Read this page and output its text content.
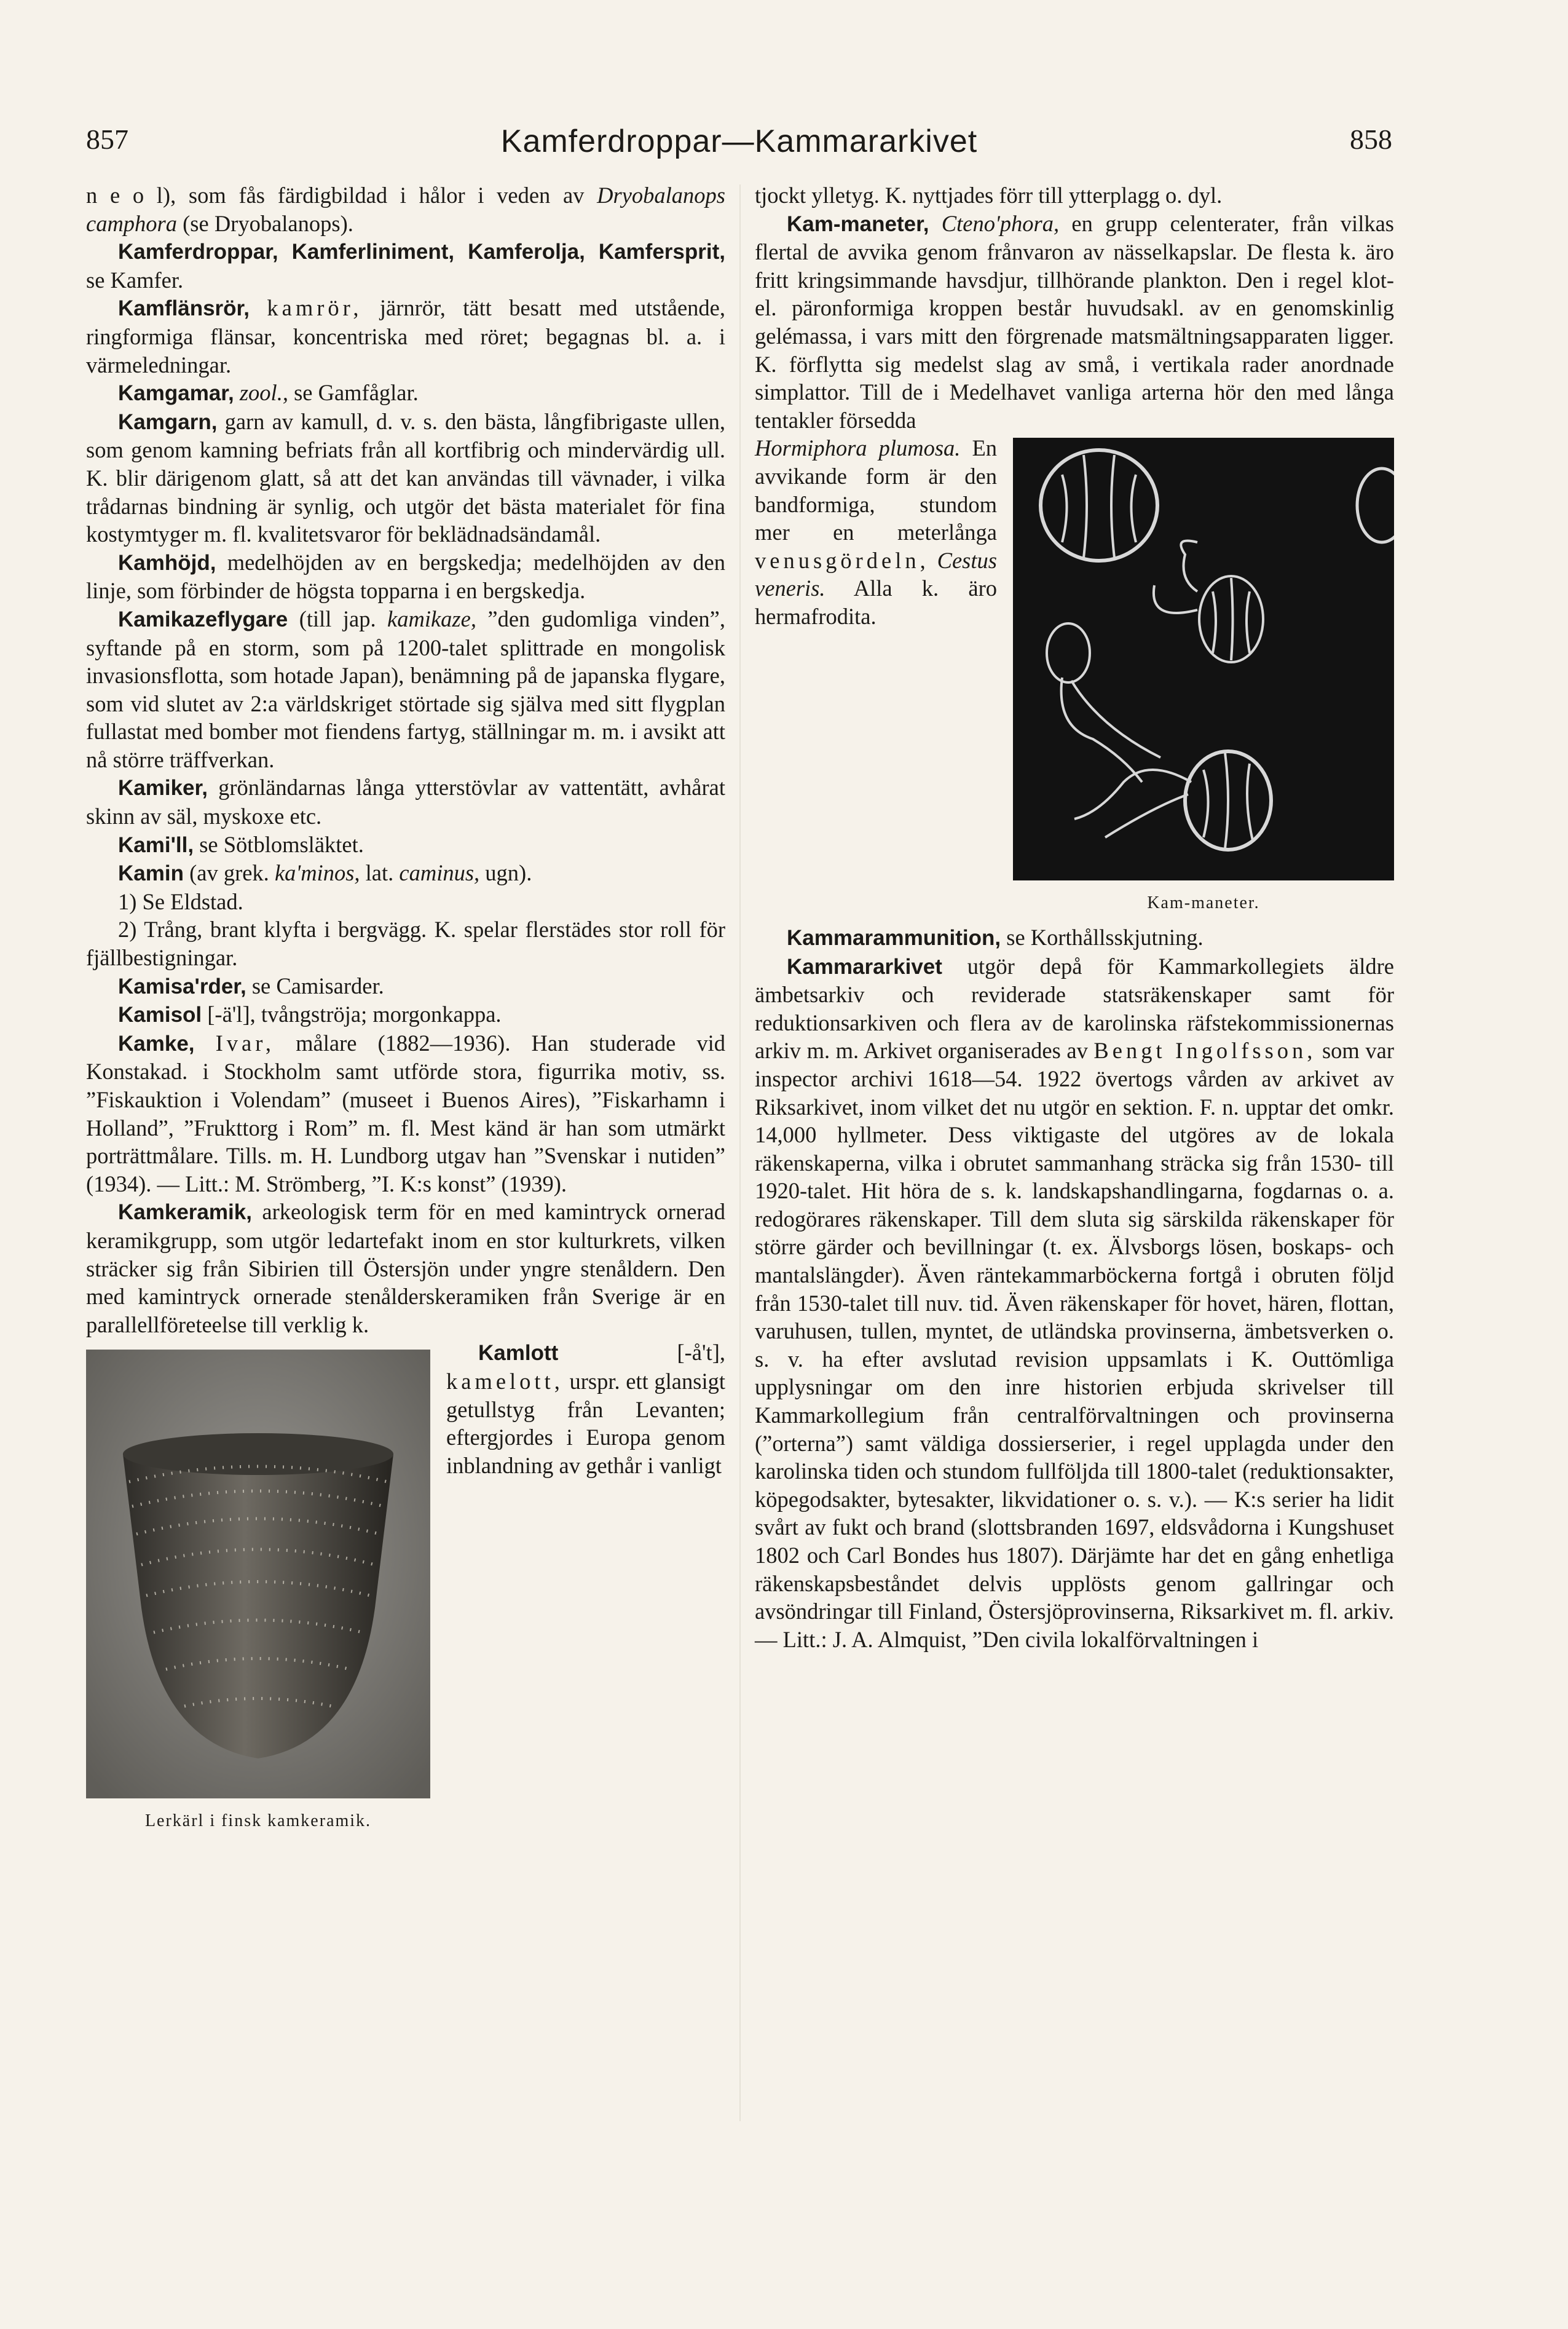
857	Kamferdroppar—Kammararkivet	858

n e o l), som fås färdigbildad i hålor i veden av Dryobalanops camphora (se Dryobalanops).

Kamferdroppar, Kamferliniment, Kamferolja, Kamfersprit, se Kamfer.

Kamflänsrör, kamrör, järnrör, tätt besatt med utstående, ringformiga flänsar, koncentriska med röret; begagnas bl. a. i värmeledningar.

Kamgamar, zool., se Gamfåglar.

Kamgarn, garn av kamull, d. v. s. den bästa, långfibrigaste ullen, som genom kamning befriats från all kortfibrig och mindervärdig ull. K. blir därigenom glatt, så att det kan användas till vävnader, i vilka trådarnas bindning är synlig, och utgör det bästa materialet för fina kostymtyger m. fl. kvalitetsvaror för beklädnadsändamål.

Kamhöjd, medelhöjden av en bergskedja; medelhöjden av den linje, som förbinder de högsta topparna i en bergskedja.

Kamikazeflygare (till jap. kamikaze, ”den gudomliga vinden”, syftande på en storm, som på 1200-talet splittrade en mongolisk invasionsflotta, som hotade Japan), benämning på de japanska flygare, som vid slutet av 2:a världskriget störtade sig själva med sitt flygplan fullastat med bomber mot fiendens fartyg, ställningar m. m. i avsikt att nå större träffverkan.

Kamiker, grönländarnas långa ytterstövlar av vattentätt, avhårat skinn av säl, myskoxe etc.

Kami'll, se Sötblomsläktet.

Kamin (av grek. ka'minos, lat. caminus, ugn).

1) Se Eldstad.

2) Trång, brant klyfta i bergvägg. K. spelar flerstädes stor roll för fjällbestigningar.

Kamisa'rder, se Camisarder.

Kamisol [-ä'l], tvångströja; morgonkappa.

Kamke, Ivar, målare (1882—1936). Han studerade vid Konstakad. i Stockholm samt utförde stora, figurrika motiv, ss. ”Fiskauktion i Volendam” (museet i Buenos Aires), ”Fiskarhamn i Holland”, ”Frukttorg i Rom” m. fl. Mest känd är han som utmärkt porträttmålare. Tills. m. H. Lundborg utgav han ”Svenskar i nutiden” (1934). — Litt.: M. Strömberg, ”I. K:s konst” (1939).

Kamkeramik, arkeologisk term för en med kamintryck ornerad keramikgrupp, som utgör ledartefakt inom en stor kulturkrets, vilken sträcker sig från Sibirien till Östersjön under yngre stenåldern. Den med kamintryck ornerade stenålderskeramiken från Sverige är en parallellföreteelse till verklig k.

Lerkärl i finsk kamkeramik.

Kamlott [-å't], kamelott, urspr. ett glansigt getullstyg från Levanten; eftergjordes i Europa genom inblandning av gethår i vanligt

tjockt ylletyg. K. nyttjades förr till ytterplagg o. dyl.

Kam-maneter, Cteno'phora, en grupp celenterater, från vilkas flertal de avvika genom frånvaron av nässelkapslar. De flesta k. äro fritt kringsimmande havsdjur, tillhörande plankton. Den i regel klot- el. päronformiga kroppen består huvudsakl. av en genomskinlig gelémassa, i vars mitt den förgrenade matsmältningsapparaten ligger. K. förflytta sig medelst slag av små, i vertikala rader anordnade simplattor. Till de i Medelhavet vanliga arterna hör den med långa tentakler försedda

Kam-maneter.
Hormiphora plumosa. En avvikande form är den bandformiga, stundom mer en meterlånga venusgördeln, Cestus veneris. Alla k. äro hermafrodita.

Kammarammunition, se Korthållsskjutning.

Kammararkivet utgör depå för Kammarkollegiets äldre ämbetsarkiv och reviderade statsräkenskaper samt för reduktionsarkiven och flera av de karolinska räfstekommissionernas arkiv m. m. Arkivet organiserades av Bengt Ingolfsson, som var inspector archivi 1618—54. 1922 övertogs vården av arkivet av Riksarkivet, inom vilket det nu utgör en sektion. F. n. upptar det omkr. 14,000 hyllmeter. Dess viktigaste del utgöres av de lokala räkenskaperna, vilka i obrutet sammanhang sträcka sig från 1530- till 1920-talet. Hit höra de s. k. landskapshandlingarna, fogdarnas o. a. redogörares räkenskaper. Till dem sluta sig särskilda räkenskaper för större gärder och bevillningar (t. ex. Älvsborgs lösen, boskaps- och mantalslängder). Även räntekammarböckerna fortgå i obruten följd från 1530-talet till nuv. tid. Även räkenskaper för hovet, hären, flottan, varuhusen, tullen, myntet, de utländska provinserna, ämbetsverken o. s. v. ha efter avslutad revision uppsamlats i K. Outtömliga upplysningar om den inre historien erbjuda skrivelser till Kammarkollegium från centralförvaltningen och provinserna (”orterna”) samt väldiga dossierserier, i regel upplagda under den karolinska tiden och stundom fullföljda till 1800-talet (reduktionsakter, köpegodsakter, bytesakter, likvidationer o. s. v.). — K:s serier ha lidit svårt av fukt och brand (slottsbranden 1697, eldsvådorna i Kungshuset 1802 och Carl Bondes hus 1807). Därjämte har det en gång enhetliga räkenskapsbeståndet delvis upplösts genom gallringar och avsöndringar till Finland, Östersjöprovinserna, Riksarkivet m. fl. arkiv. — Litt.: J. A. Almquist, ”Den civila lokalförvaltningen i
